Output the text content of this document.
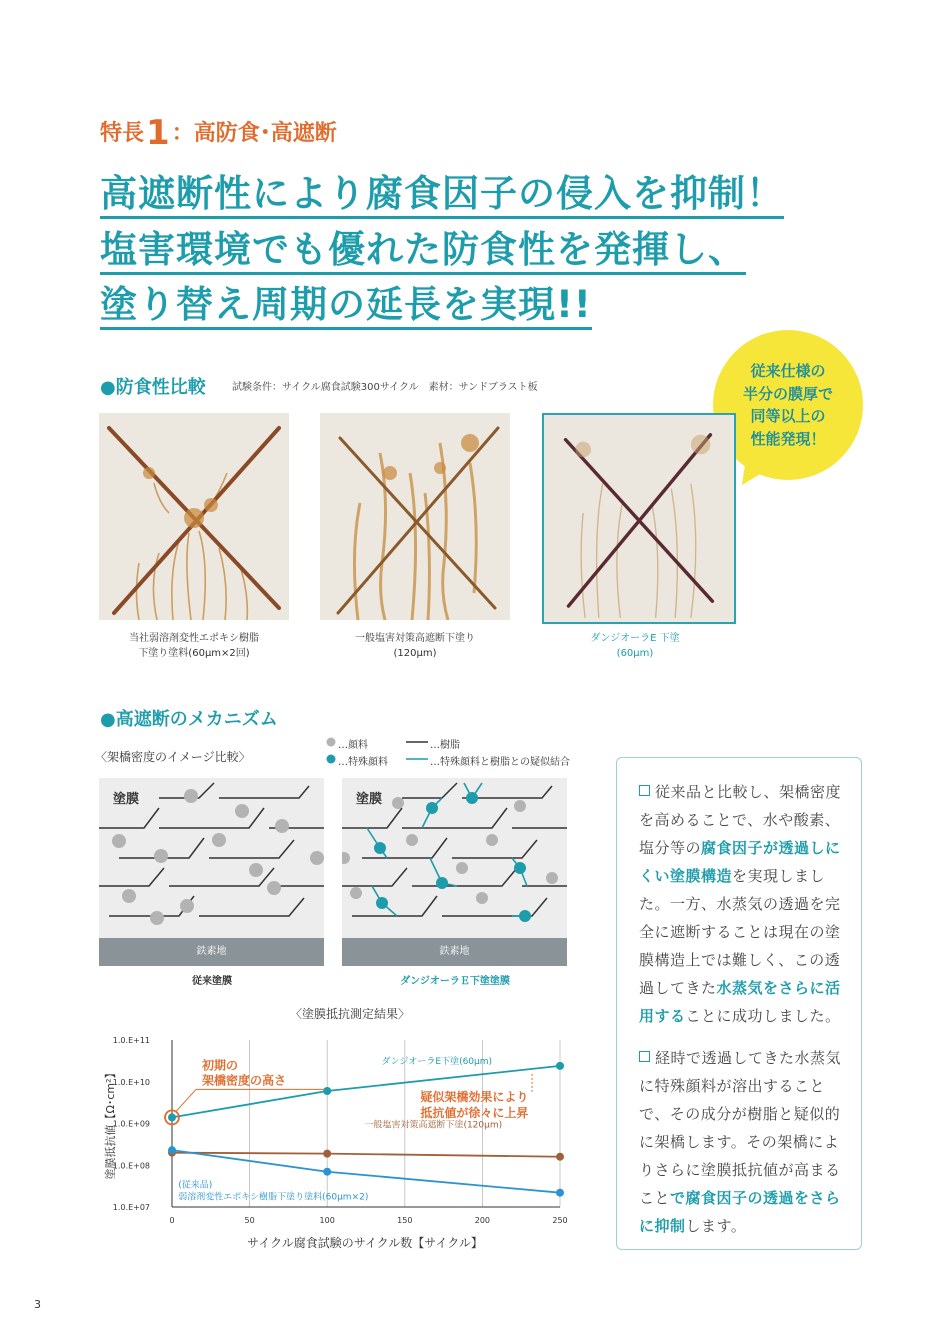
特長1：高防食･高遮断
高遮断性により腐食因子の侵入を抑制！
塩害環境でも優れた防食性を発揮し、
塗り替え周期の延長を実現!!
●防食性比較	試験条件：サイクル腐食試験300サイクル　素材：サンドブラスト板
従来仕様の
半分の膜厚で
同等以上の
性能発現！
当社弱溶剤変性エポキシ樹脂
下塗り塗料(60μm×2回)
一般塩害対策高遮断下塗り
(120μm)
ダンジオーラE 下塗
(60μm)
●高遮断のメカニズム
〈架橋密度のイメージ比較〉
…顔料
…特殊顔料
…樹脂
…特殊顔料と樹脂との疑似結合
塗膜
鉄素地
従来塗膜
塗膜
鉄素地
ダンジオーラＥ下塗塗膜
〈塗膜抵抗測定結果〉
0	50	100	150	200	250
1.0.E+07
1.0.E+08
1.0.E+09
1.0.E+10
1.0.E+11
サイクル腐食試験のサイクル数【サイクル】
塗膜抵抗値【Ω･cm²】
初期の
架橋密度の高さ
疑似架橋効果により
抵抗値が徐々に上昇
ダンジオーラE下塗(60μm)
一般塩害対策高遮断下塗(120μm)
(従来品)
弱溶剤変性エポキシ樹脂下塗り塗料(60μm×2)

従来品と比較し、架橋密度を高めることで、水や酸素、塩分等の腐食因子が透過しにくい塗膜構造を実現しました。一方、水蒸気の透過を完全に遮断することは現在の塗膜構造上では難しく、この透過してきた水蒸気をさらに活用することに成功しました。

経時で透過してきた水蒸気に特殊顔料が溶出することで、その成分が樹脂と疑似的に架橋します。その架橋によりさらに塗膜抵抗値が高まることで腐食因子の透過をさらに抑制します。

3
